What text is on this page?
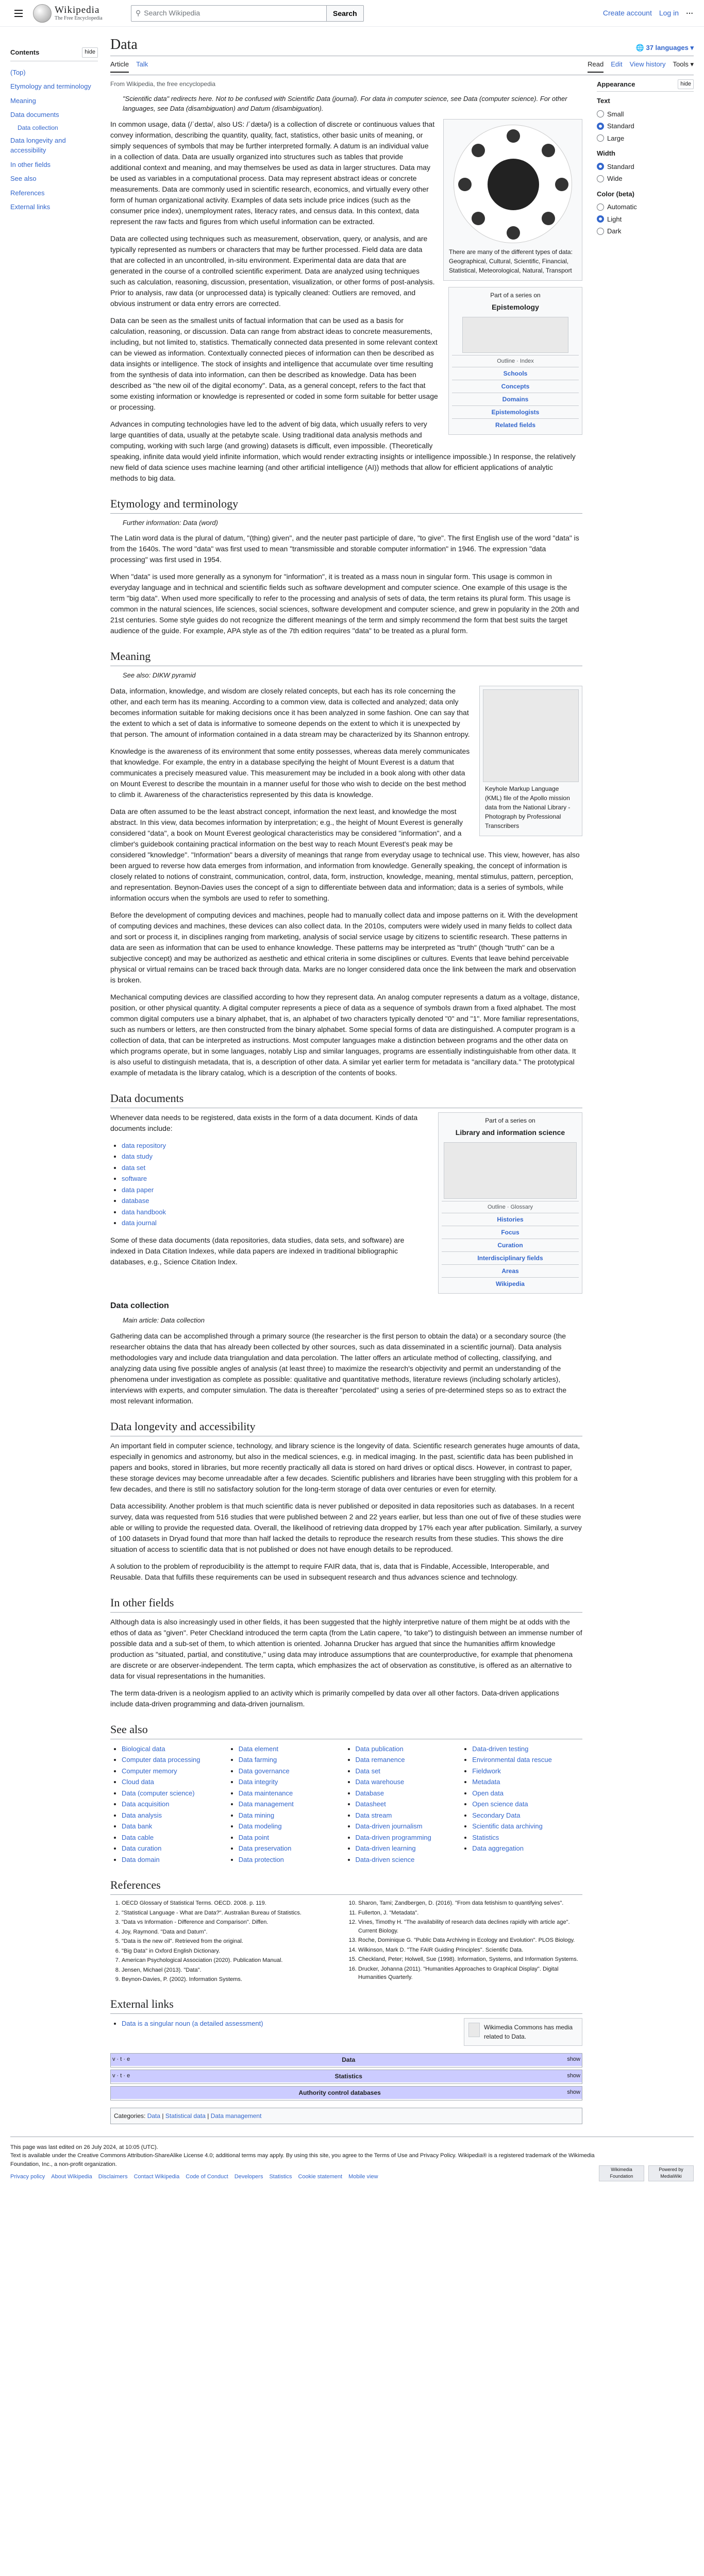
Wikipedia
The Free Encyclopedia
⚲ Search Wikipedia	Search	Create account Log in ⋯
Contents	hide
(Top)
Etymology and terminology
Meaning
Data documents
Data collection
Data longevity and accessibility
In other fields
See also
References
External links
Data	🌐 37 languages ▾
Article Talk	Read Edit View history Tools ▾
From Wikipedia, the free encyclopedia
"Scientific data" redirects here. Not to be confused with Scientific Data (journal). For data in computer science, see Data (computer science). For other languages, see Data (disambiguation) and Datum (disambiguation).
There are many of the different types of data: Geographical, Cultural, Scientific, Financial, Statistical, Meteorological, Natural, Transport

In common usage, data (/ˈdeɪtə/, also US: /ˈdætə/) is a collection of discrete or continuous values that convey information, describing the quantity, quality, fact, statistics, other basic units of meaning, or simply sequences of symbols that may be further interpreted formally. A datum is an individual value in a collection of data. Data are usually organized into structures such as tables that provide additional context and meaning, and may themselves be used as data in larger structures. Data may be used as variables in a computational process. Data may represent abstract ideas or concrete measurements. Data are commonly used in scientific research, economics, and virtually every other form of human organizational activity. Examples of data sets include price indices (such as the consumer price index), unemployment rates, literacy rates, and census data. In this context, data represent the raw facts and figures from which useful information can be extracted.

Part of a series on
Epistemology
Outline · Index
Schools
Concepts
Domains
Epistemologists
Related fields

Data are collected using techniques such as measurement, observation, query, or analysis, and are typically represented as numbers or characters that may be further processed. Field data are data that are collected in an uncontrolled, in-situ environment. Experimental data are data that are generated in the course of a controlled scientific experiment. Data are analyzed using techniques such as calculation, reasoning, discussion, presentation, visualization, or other forms of post-analysis. Prior to analysis, raw data (or unprocessed data) is typically cleaned: Outliers are removed, and obvious instrument or data entry errors are corrected.

Data can be seen as the smallest units of factual information that can be used as a basis for calculation, reasoning, or discussion. Data can range from abstract ideas to concrete measurements, including, but not limited to, statistics. Thematically connected data presented in some relevant context can be viewed as information. Contextually connected pieces of information can then be described as data insights or intelligence. The stock of insights and intelligence that accumulate over time resulting from the synthesis of data into information, can then be described as knowledge. Data has been described as "the new oil of the digital economy". Data, as a general concept, refers to the fact that some existing information or knowledge is represented or coded in some form suitable for better usage or processing.

Advances in computing technologies have led to the advent of big data, which usually refers to very large quantities of data, usually at the petabyte scale. Using traditional data analysis methods and computing, working with such large (and growing) datasets is difficult, even impossible. (Theoretically speaking, infinite data would yield infinite information, which would render extracting insights or intelligence impossible.) In response, the relatively new field of data science uses machine learning (and other artificial intelligence (AI)) methods that allow for efficient applications of analytic methods to big data.

Etymology and terminology
Further information: Data (word)

The Latin word data is the plural of datum, "(thing) given", and the neuter past participle of dare, "to give". The first English use of the word "data" is from the 1640s. The word "data" was first used to mean "transmissible and storable computer information" in 1946. The expression "data processing" was first used in 1954.

When "data" is used more generally as a synonym for "information", it is treated as a mass noun in singular form. This usage is common in everyday language and in technical and scientific fields such as software development and computer science. One example of this usage is the term "big data". When used more specifically to refer to the processing and analysis of sets of data, the term retains its plural form. This usage is common in the natural sciences, life sciences, social sciences, software development and computer science, and grew in popularity in the 20th and 21st centuries. Some style guides do not recognize the different meanings of the term and simply recommend the form that best suits the target audience of the guide. For example, APA style as of the 7th edition requires "data" to be treated as a plural form.

Meaning
See also: DIKW pyramid
Keyhole Markup Language (KML) file of the Apollo mission data from the National Library - Photograph by Professional Transcribers

Data, information, knowledge, and wisdom are closely related concepts, but each has its role concerning the other, and each term has its meaning. According to a common view, data is collected and analyzed; data only becomes information suitable for making decisions once it has been analyzed in some fashion. One can say that the extent to which a set of data is informative to someone depends on the extent to which it is unexpected by that person. The amount of information contained in a data stream may be characterized by its Shannon entropy.

Knowledge is the awareness of its environment that some entity possesses, whereas data merely communicates that knowledge. For example, the entry in a database specifying the height of Mount Everest is a datum that communicates a precisely measured value. This measurement may be included in a book along with other data on Mount Everest to describe the mountain in a manner useful for those who wish to decide on the best method to climb it. Awareness of the characteristics represented by this data is knowledge.

Data are often assumed to be the least abstract concept, information the next least, and knowledge the most abstract. In this view, data becomes information by interpretation; e.g., the height of Mount Everest is generally considered "data", a book on Mount Everest geological characteristics may be considered "information", and a climber's guidebook containing practical information on the best way to reach Mount Everest's peak may be considered "knowledge". "Information" bears a diversity of meanings that range from everyday usage to technical use. This view, however, has also been argued to reverse how data emerges from information, and information from knowledge. Generally speaking, the concept of information is closely related to notions of constraint, communication, control, data, form, instruction, knowledge, meaning, mental stimulus, pattern, perception, and representation. Beynon-Davies uses the concept of a sign to differentiate between data and information; data is a series of symbols, while information occurs when the symbols are used to refer to something.

Before the development of computing devices and machines, people had to manually collect data and impose patterns on it. With the development of computing devices and machines, these devices can also collect data. In the 2010s, computers were widely used in many fields to collect data and sort or process it, in disciplines ranging from marketing, analysis of social service usage by citizens to scientific research. These patterns in data are seen as information that can be used to enhance knowledge. These patterns may be interpreted as "truth" (though "truth" can be a subjective concept) and may be authorized as aesthetic and ethical criteria in some disciplines or cultures. Events that leave behind perceivable physical or virtual remains can be traced back through data. Marks are no longer considered data once the link between the mark and observation is broken.

Mechanical computing devices are classified according to how they represent data. An analog computer represents a datum as a voltage, distance, position, or other physical quantity. A digital computer represents a piece of data as a sequence of symbols drawn from a fixed alphabet. The most common digital computers use a binary alphabet, that is, an alphabet of two characters typically denoted "0" and "1". More familiar representations, such as numbers or letters, are then constructed from the binary alphabet. Some special forms of data are distinguished. A computer program is a collection of data, that can be interpreted as instructions. Most computer languages make a distinction between programs and the other data on which programs operate, but in some languages, notably Lisp and similar languages, programs are essentially indistinguishable from other data. It is also useful to distinguish metadata, that is, a description of other data. A similar yet earlier term for metadata is "ancillary data." The prototypical example of metadata is the library catalog, which is a description of the contents of books.

Data documents
Part of a series on
Library and information science
Outline · Glossary
Histories
Focus
Curation
Interdisciplinary fields
Areas
Wikipedia

Whenever data needs to be registered, data exists in the form of a data document. Kinds of data documents include:

• data repository
• data study
• data set
• software
• data paper
• database
• data handbook
• data journal

Some of these data documents (data repositories, data studies, data sets, and software) are indexed in Data Citation Indexes, while data papers are indexed in traditional bibliographic databases, e.g., Science Citation Index.

Data collection
Main article: Data collection

Gathering data can be accomplished through a primary source (the researcher is the first person to obtain the data) or a secondary source (the researcher obtains the data that has already been collected by other sources, such as data disseminated in a scientific journal). Data analysis methodologies vary and include data triangulation and data percolation. The latter offers an articulate method of collecting, classifying, and analyzing data using five possible angles of analysis (at least three) to maximize the research's objectivity and permit an understanding of the phenomena under investigation as complete as possible: qualitative and quantitative methods, literature reviews (including scholarly articles), interviews with experts, and computer simulation. The data is thereafter "percolated" using a series of pre-determined steps so as to extract the most relevant information.

Data longevity and accessibility

An important field in computer science, technology, and library science is the longevity of data. Scientific research generates huge amounts of data, especially in genomics and astronomy, but also in the medical sciences, e.g. in medical imaging. In the past, scientific data has been published in papers and books, stored in libraries, but more recently practically all data is stored on hard drives or optical discs. However, in contrast to paper, these storage devices may become unreadable after a few decades. Scientific publishers and libraries have been struggling with this problem for a few decades, and there is still no satisfactory solution for the long-term storage of data over centuries or even for eternity.

Data accessibility. Another problem is that much scientific data is never published or deposited in data repositories such as databases. In a recent survey, data was requested from 516 studies that were published between 2 and 22 years earlier, but less than one out of five of these studies were able or willing to provide the requested data. Overall, the likelihood of retrieving data dropped by 17% each year after publication. Similarly, a survey of 100 datasets in Dryad found that more than half lacked the details to reproduce the research results from these studies. This shows the dire situation of access to scientific data that is not published or does not have enough details to be reproduced.

A solution to the problem of reproducibility is the attempt to require FAIR data, that is, data that is Findable, Accessible, Interoperable, and Reusable. Data that fulfills these requirements can be used in subsequent research and thus advances science and technology.

In other fields

Although data is also increasingly used in other fields, it has been suggested that the highly interpretive nature of them might be at odds with the ethos of data as "given". Peter Checkland introduced the term capta (from the Latin capere, "to take") to distinguish between an immense number of possible data and a sub-set of them, to which attention is oriented. Johanna Drucker has argued that since the humanities affirm knowledge production as "situated, partial, and constitutive," using data may introduce assumptions that are counterproductive, for example that phenomena are discrete or are observer-independent. The term capta, which emphasizes the act of observation as constitutive, is offered as an alternative to data for visual representations in the humanities.

The term data-driven is a neologism applied to an activity which is primarily compelled by data over all other factors. Data-driven applications include data-driven programming and data-driven journalism.

See also
• Biological data
• Computer data processing
• Computer memory
• Cloud data
• Data (computer science)
• Data acquisition
• Data analysis
• Data bank
• Data cable
• Data curation
• Data domain
• Data element
• Data farming
• Data governance
• Data integrity
• Data maintenance
• Data management
• Data mining
• Data modeling
• Data point
• Data preservation
• Data protection
• Data publication
• Data remanence
• Data set
• Data warehouse
• Database
• Datasheet
• Data stream
• Data-driven journalism
• Data-driven programming
• Data-driven learning
• Data-driven science
• Data-driven testing
• Environmental data rescue
• Fieldwork
• Metadata
• Open data
• Open science data
• Secondary Data
• Scientific data archiving
• Statistics
• Data aggregation
References
1. OECD Glossary of Statistical Terms. OECD. 2008. p. 119.
2. "Statistical Language - What are Data?". Australian Bureau of Statistics.
3. "Data vs Information - Difference and Comparison". Diffen.
4. Joy, Raymond. "Data and Datum".
5. "Data is the new oil". Retrieved from the original.
6. "Big Data" in Oxford English Dictionary.
7. American Psychological Association (2020). Publication Manual.
8. Jensen, Michael (2013). "Data".
9. Beynon-Davies, P. (2002). Information Systems.
10. Sharon, Tami; Zandbergen, D. (2016). "From data fetishism to quantifying selves".
11. Fullerton, J. "Metadata".
12. Vines, Timothy H. "The availability of research data declines rapidly with article age". Current Biology.
13. Roche, Dominique G. "Public Data Archiving in Ecology and Evolution". PLOS Biology.
14. Wilkinson, Mark D. "The FAIR Guiding Principles". Scientific Data.
15. Checkland, Peter; Holwell, Sue (1998). Information, Systems, and Information Systems.
16. Drucker, Johanna (2011). "Humanities Approaches to Graphical Display". Digital Humanities Quarterly.
External links
• Data is a singular noun (a detailed assessment)	Wikimedia Commons has media related to Data.
v · t · e	show
Data
v · t · e	show
Statistics
show
Authority control databases
Categories: Data | Statistical data | Data management
Appearance	hide
Text
Small
Standard
Large
Width
Standard
Wide
Color (beta)
Automatic
Light
Dark
This page was last edited on 26 July 2024, at 10:05 (UTC).
Text is available under the Creative Commons Attribution-ShareAlike License 4.0; additional terms may apply. By using this site, you agree to the Terms of Use and Privacy Policy. Wikipedia® is a registered trademark of the Wikimedia Foundation, Inc., a non-profit organization.
Privacy policy About Wikipedia Disclaimers Contact Wikipedia Code of Conduct Developers Statistics Cookie statement Mobile view
Wikimedia Foundation
Powered by MediaWiki
